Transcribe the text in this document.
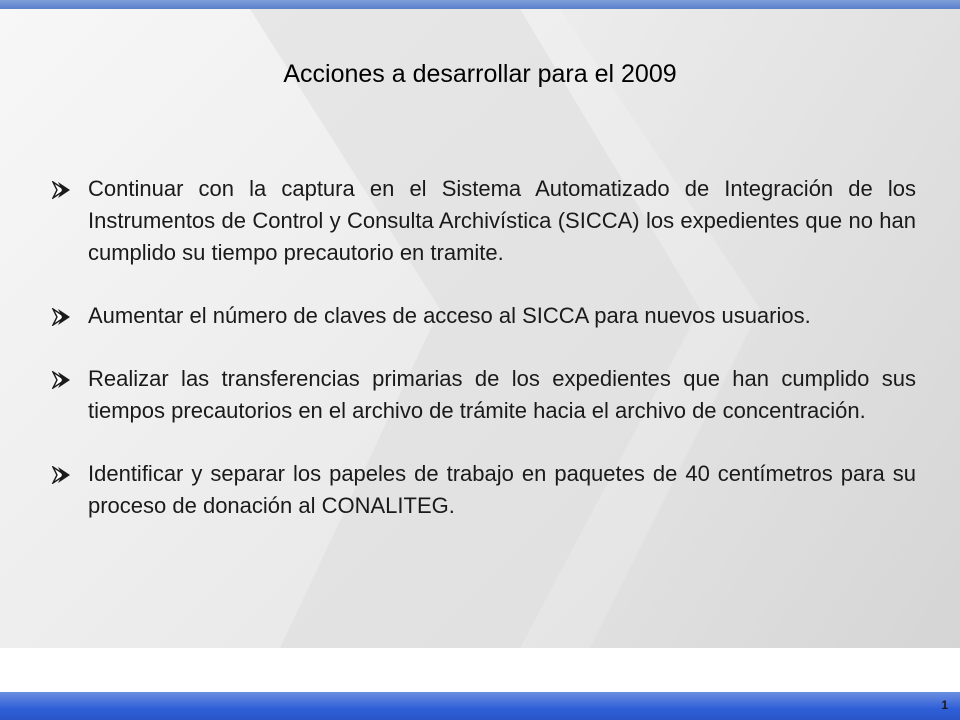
1
Acciones a desarrollar para el 2009
Continuar con la captura en el Sistema Automatizado de Integración de los Instrumentos de Control y Consulta Archivística (SICCA) los expedientes que no han cumplido su tiempo precautorio en tramite.
Aumentar el número de claves de acceso al SICCA para nuevos usuarios.
Realizar las transferencias primarias de los expedientes que han cumplido sus tiempos precautorios en el archivo de trámite hacia el archivo de concentración.
Identificar y separar los papeles de trabajo en paquetes de 40 centímetros para su proceso de donación al CONALITEG.
